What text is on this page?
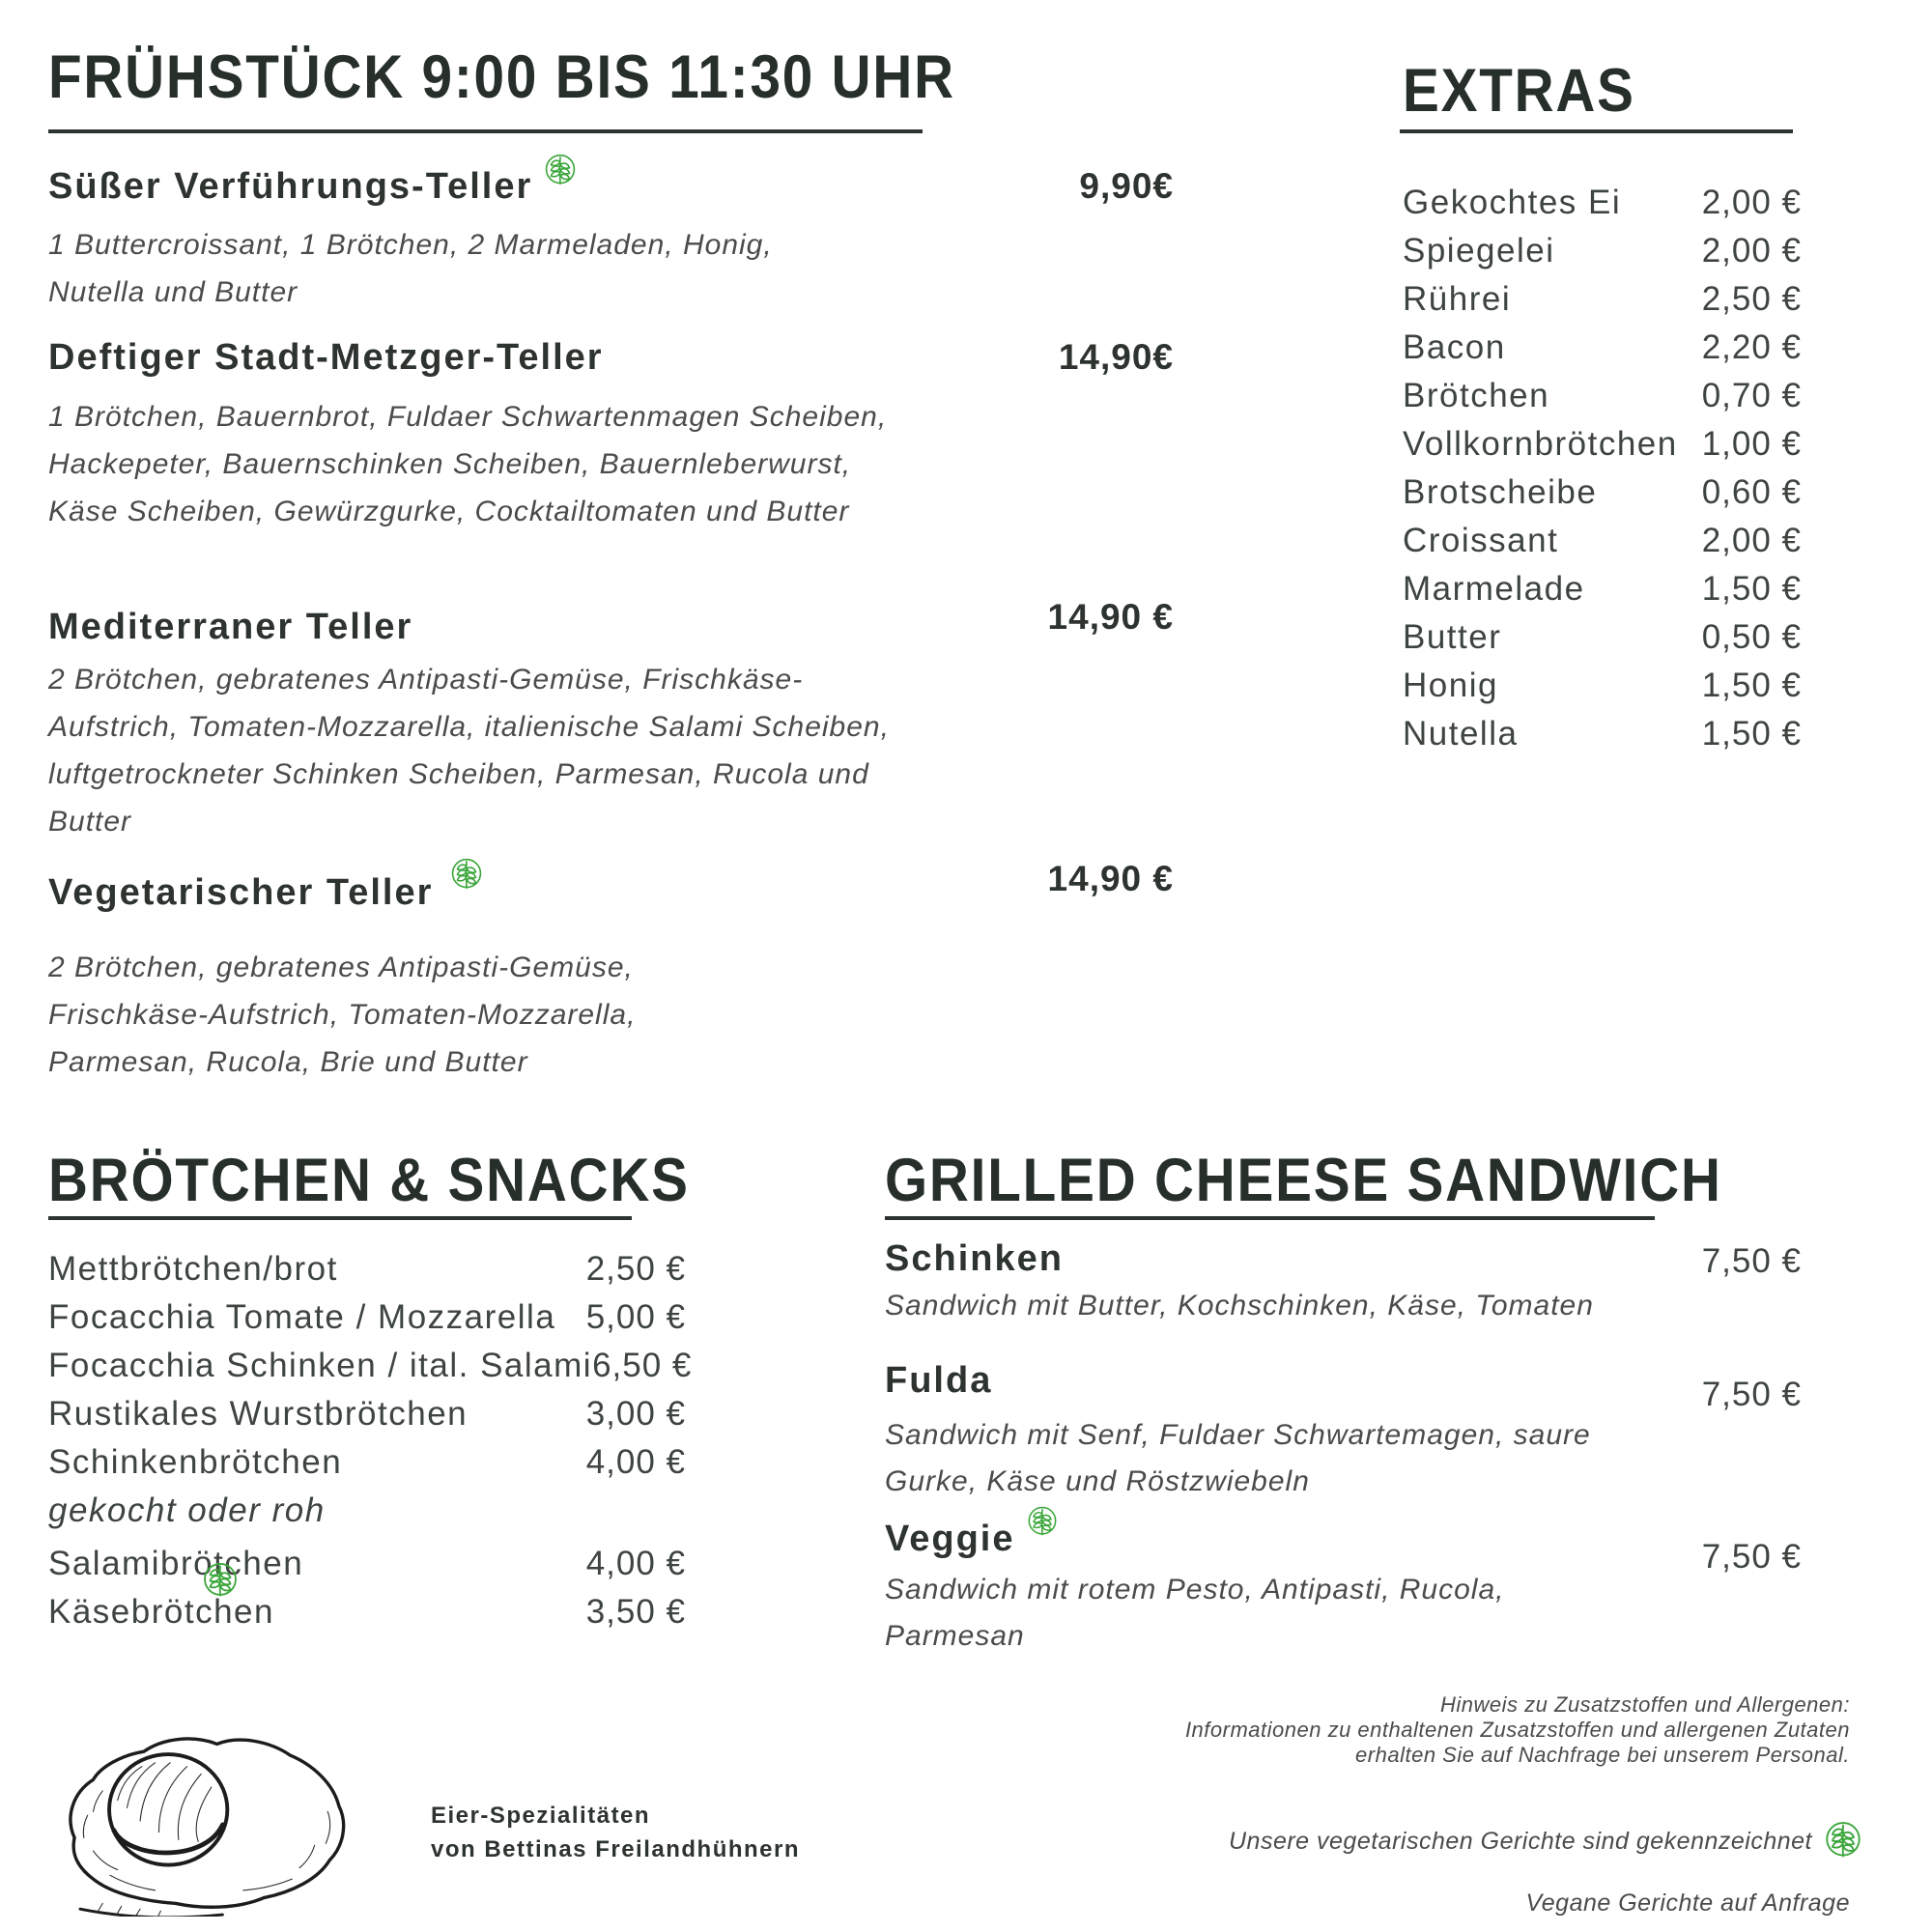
FRÜHSTÜCK 9:00 BIS 11:30 UHR
Süßer Verführungs-Teller	9,90€
1 Buttercroissant, 1 Brötchen, 2 Marmeladen, Honig,
Nutella und Butter
Deftiger Stadt-Metzger-Teller	14,90€
1 Brötchen, Bauernbrot, Fuldaer Schwartenmagen Scheiben,
Hackepeter, Bauernschinken Scheiben, Bauernleberwurst,
Käse Scheiben, Gewürzgurke, Cocktailtomaten und Butter
Mediterraner Teller	14,90 €
2 Brötchen, gebratenes Antipasti-Gemüse, Frischkäse-
Aufstrich, Tomaten-Mozzarella, italienische Salami Scheiben,
luftgetrockneter Schinken Scheiben, Parmesan, Rucola und
Butter
Vegetarischer Teller	14,90 €
2 Brötchen, gebratenes Antipasti-Gemüse,
Frischkäse-Aufstrich, Tomaten-Mozzarella,
Parmesan, Rucola, Brie und Butter
EXTRAS
Gekochtes Ei 2,00 €
Spiegelei	2,00 €
Rührei	2,50 €
Bacon	2,20 €
Brötchen	0,70 €
Vollkornbrötchen 1,00 €
Brotscheibe	0,60 €
Croissant	2,00 €
Marmelade	1,50 €
Butter	0,50 €
Honig	1,50 €
Nutella	1,50 €
BRÖTCHEN & SNACKS
Mettbrötchen/brot	2,50 €
Focacchia Tomate / Mozzarella 5,00 €
Focacchia Schinken / ital. Salami 6,50 €
Rustikales Wurstbrötchen	3,00 €
Schinkenbrötchen	4,00 €
gekocht oder roh
Salamibrötchen	4,00 €
Käsebrötchen	3,50 €
GRILLED CHEESE SANDWICH
Schinken	7,50 €
Sandwich mit Butter, Kochschinken, Käse, Tomaten
Fulda	7,50 €
Sandwich mit Senf, Fuldaer Schwartemagen, saure
Gurke, Käse und Röstzwiebeln
Veggie	7,50 €
Sandwich mit rotem Pesto, Antipasti, Rucola,
Parmesan
Hinweis zu Zusatzstoffen und Allergenen:
Informationen zu enthaltenen Zusatzstoffen und allergenen Zutaten
erhalten Sie auf Nachfrage bei unserem Personal.
Unsere vegetarischen Gerichte sind gekennzeichnet
Vegane Gerichte auf Anfrage
Eier-Spezialitäten
von Bettinas Freilandhühnern
